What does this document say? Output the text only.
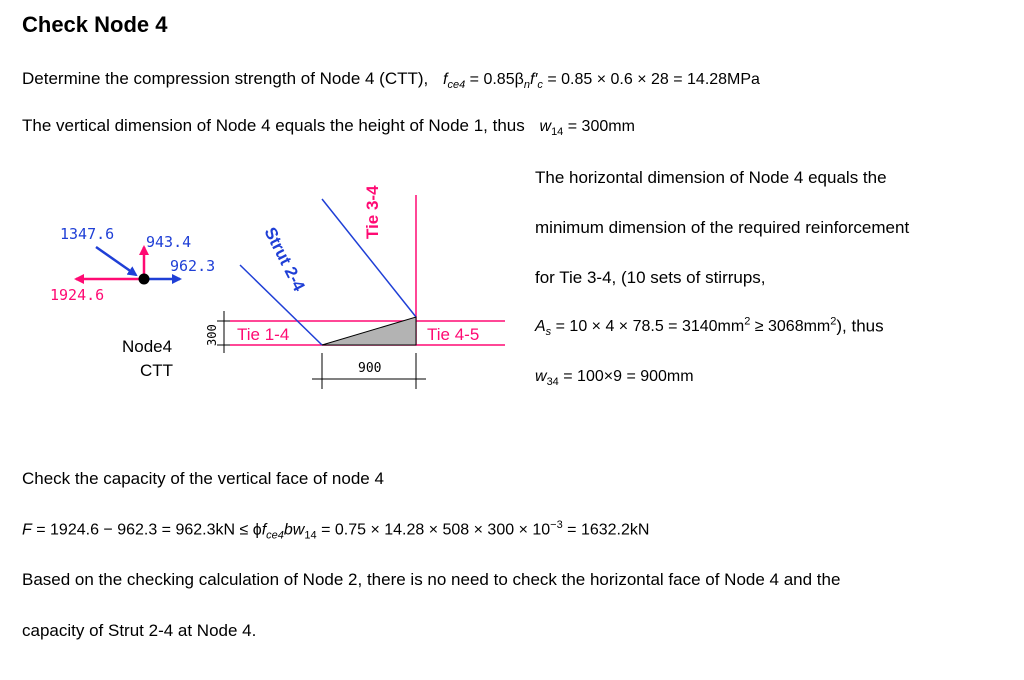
Check Node 4
Determine the compression strength of Node 4 (CTT), $f_{ce4} = 0.85\beta_nf'_c = 0.85 \times 0.6 \times 28 = 14.28MPa$
The vertical dimension of Node 4 equals the height of Node 1, thus $w_{14} = 300mm$
1347.6 943.4
962.3
1924.6
Node4
CTT
300 Tie 1-4	Tie 4-5
Strut 2-4
Tie 3-4
900
The horizontal dimension of Node 4 equals the
minimum dimension of the required reinforcement
for Tie 3-4, (10 sets of stirrups,
$A_s = 10 \times 4 \times 78.5 = 3140mm^2 \ge 3068mm^2$), thus
$w_{34} = 100\times 9 = 900mm$
Check the capacity of the vertical face of node 4
$F = 1924.6 - 962.3 = 962.3kN \le \phi f_{ce4}bw_{14} = 0.75 \times 14.28 \times 508 \times 300 \times 10^{-3} = 1632.2kN$
Based on the checking calculation of Node 2, there is no need to check the horizontal face of Node 4 and the
capacity of Strut 2-4 at Node 4.
